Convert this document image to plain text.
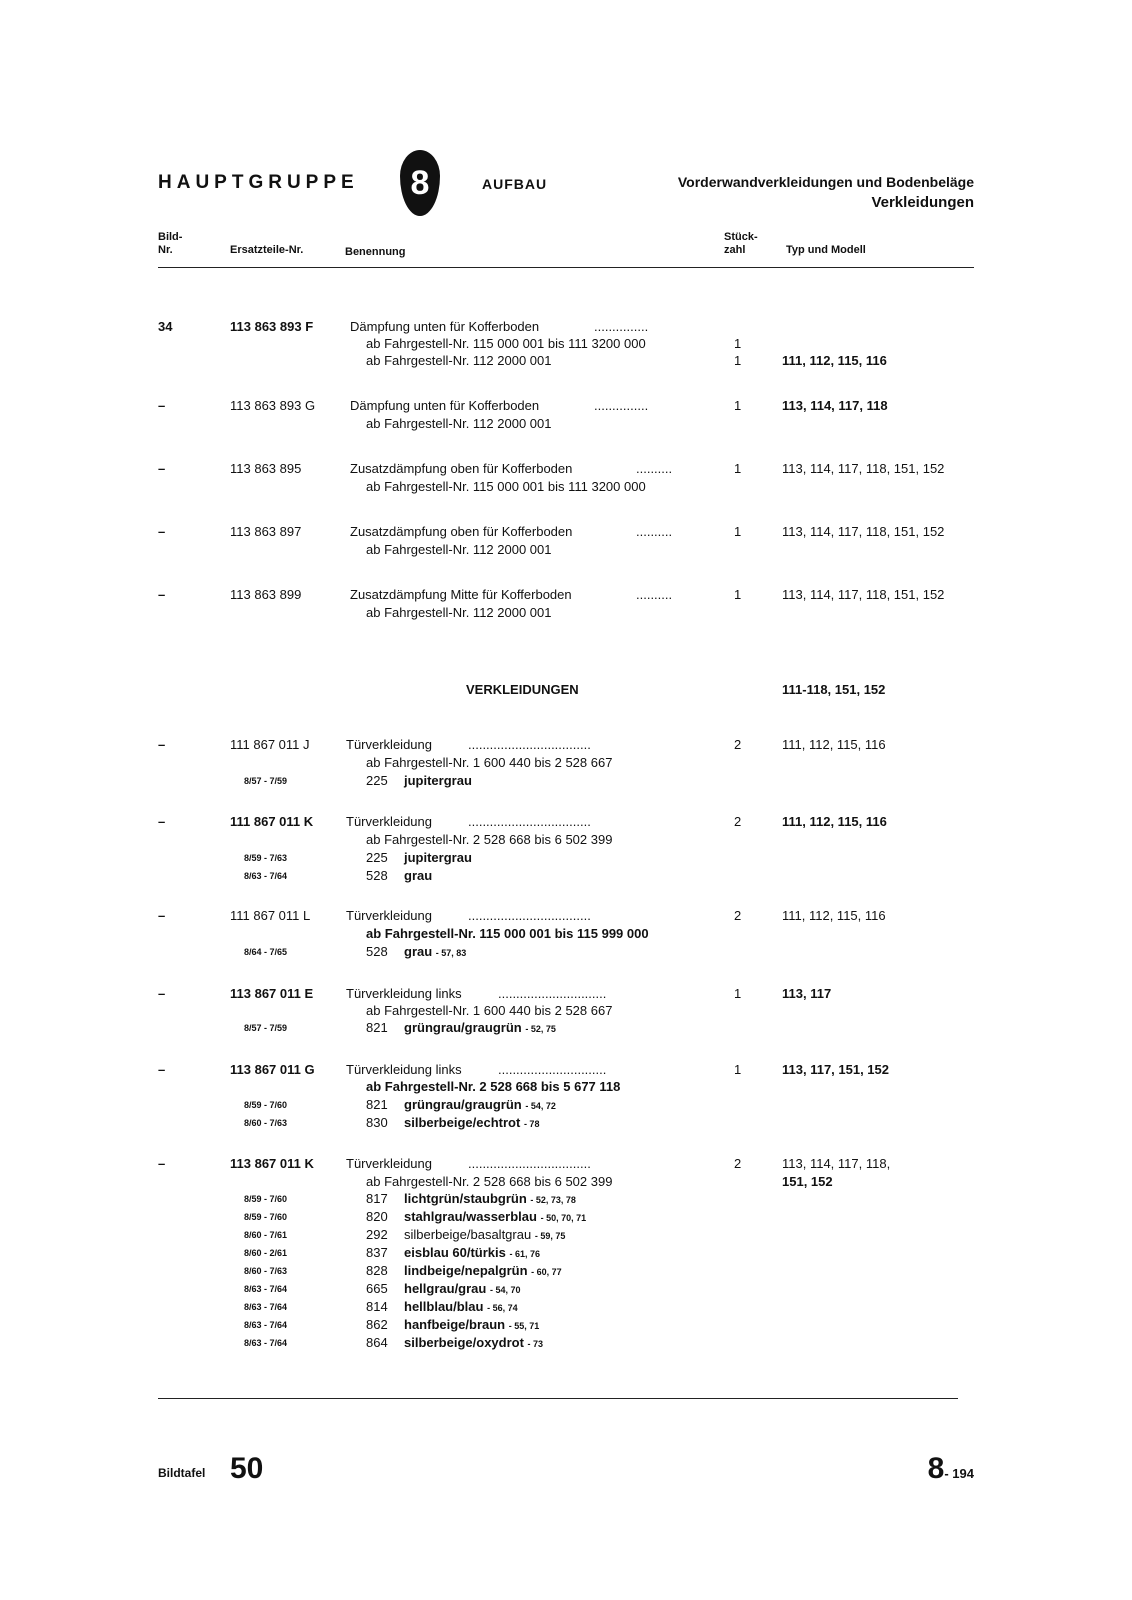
HAUPTGRUPPE	8	AUFBAU	Vorderwandverkleidungen und Bodenbeläge
Verkleidungen
Bild-
Nr.	Ersatzteile-Nr.	Benennung
Stück-
zahl	Typ und Modell
34	113 863 893 F	Dämpfung unten für Kofferboden	...............
ab Fahrgestell-Nr. 115 000 001 bis 111 3200 000	1
ab Fahrgestell-Nr. 112 2000 001	1	111, 112, 115, 116
–	113 863 893 G	Dämpfung unten für Kofferboden	...............	1	113, 114, 117, 118
ab Fahrgestell-Nr. 112 2000 001
–	113 863 895	Zusatzdämpfung oben für Kofferboden	..........	1	113, 114, 117, 118, 151, 152
ab Fahrgestell-Nr. 115 000 001 bis 111 3200 000
–	113 863 897	Zusatzdämpfung oben für Kofferboden	..........	1	113, 114, 117, 118, 151, 152
ab Fahrgestell-Nr. 112 2000 001
–	113 863 899	Zusatzdämpfung Mitte für Kofferboden	..........	1	113, 114, 117, 118, 151, 152
ab Fahrgestell-Nr. 112 2000 001
VERKLEIDUNGEN	111-118, 151, 152
–	111 867 011 J	Türverkleidung	..................................	2	111, 112, 115, 116
ab Fahrgestell-Nr. 1 600 440 bis 2 528 667
8/57 - 7/59	225 jupitergrau
–	111 867 011 K	Türverkleidung	..................................	2	111, 112, 115, 116
ab Fahrgestell-Nr. 2 528 668 bis 6 502 399
8/59 - 7/63	225 jupitergrau
8/63 - 7/64	528 grau
–	111 867 011 L	Türverkleidung	..................................	2	111, 112, 115, 116
ab Fahrgestell-Nr. 115 000 001 bis 115 999 000
8/64 - 7/65	528 grau - 57, 83
–	113 867 011 E	Türverkleidung links	..............................	1	113, 117
ab Fahrgestell-Nr. 1 600 440 bis 2 528 667
8/57 - 7/59	821 grüngrau/graugrün - 52, 75
–	113 867 011 G Türverkleidung links	..............................	1	113, 117, 151, 152
ab Fahrgestell-Nr. 2 528 668 bis 5 677 118
8/59 - 7/60	821 grüngrau/graugrün - 54, 72
8/60 - 7/63	830 silberbeige/echtrot - 78
–	113 867 011 K Türverkleidung	..................................	2	113, 114, 117, 118,
151, 152
ab Fahrgestell-Nr. 2 528 668 bis 6 502 399
8/59 - 7/60	817 lichtgrün/staubgrün - 52, 73, 78
8/59 - 7/60	820 stahlgrau/wasserblau - 50, 70, 71
8/60 - 7/61	292 silberbeige/basaltgrau - 59, 75
8/60 - 2/61	837 eisblau 60/türkis - 61, 76
8/60 - 7/63	828 lindbeige/nepalgrün - 60, 77
8/63 - 7/64	665 hellgrau/grau - 54, 70
8/63 - 7/64	814 hellblau/blau - 56, 74
8/63 - 7/64	862 hanfbeige/braun - 55, 71
8/63 - 7/64	864 silberbeige/oxydrot - 73
Bildtafel 50	8- 194
